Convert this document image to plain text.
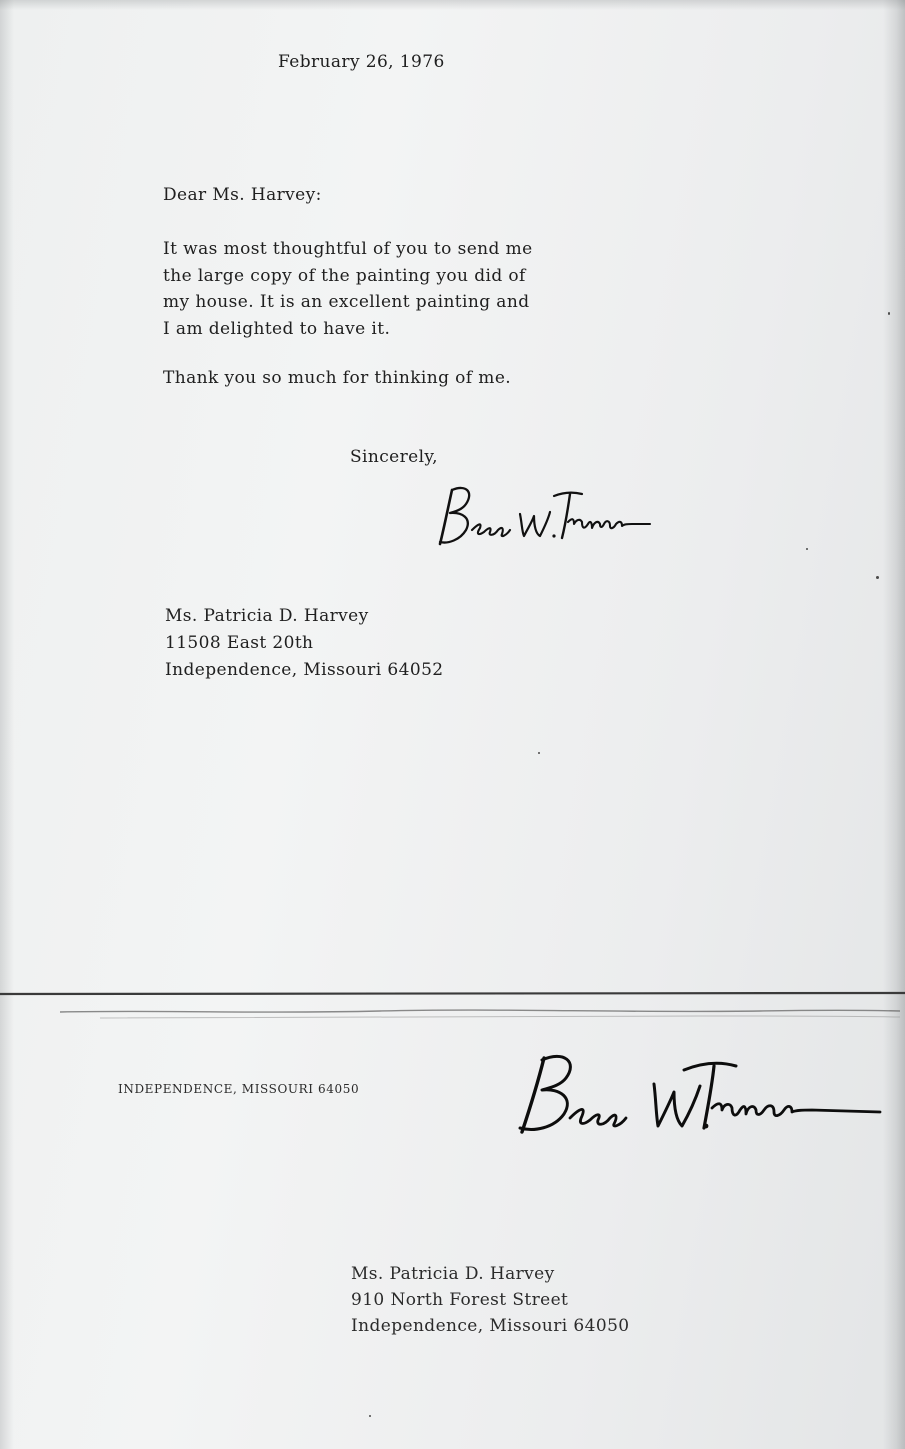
February 26, 1976

Dear Ms. Harvey:

It was most thoughtful of you to send me
the large copy of the painting you did of
my house. It is an excellent painting and
I am delighted to have it.

Thank you so much for thinking of me.

Sincerely,

Ms. Patricia D. Harvey
11508 East 20th
Independence, Missouri 64052
INDEPENDENCE, MISSOURI 64050
Ms. Patricia D. Harvey
910 North Forest Street
Independence, Missouri 64050
